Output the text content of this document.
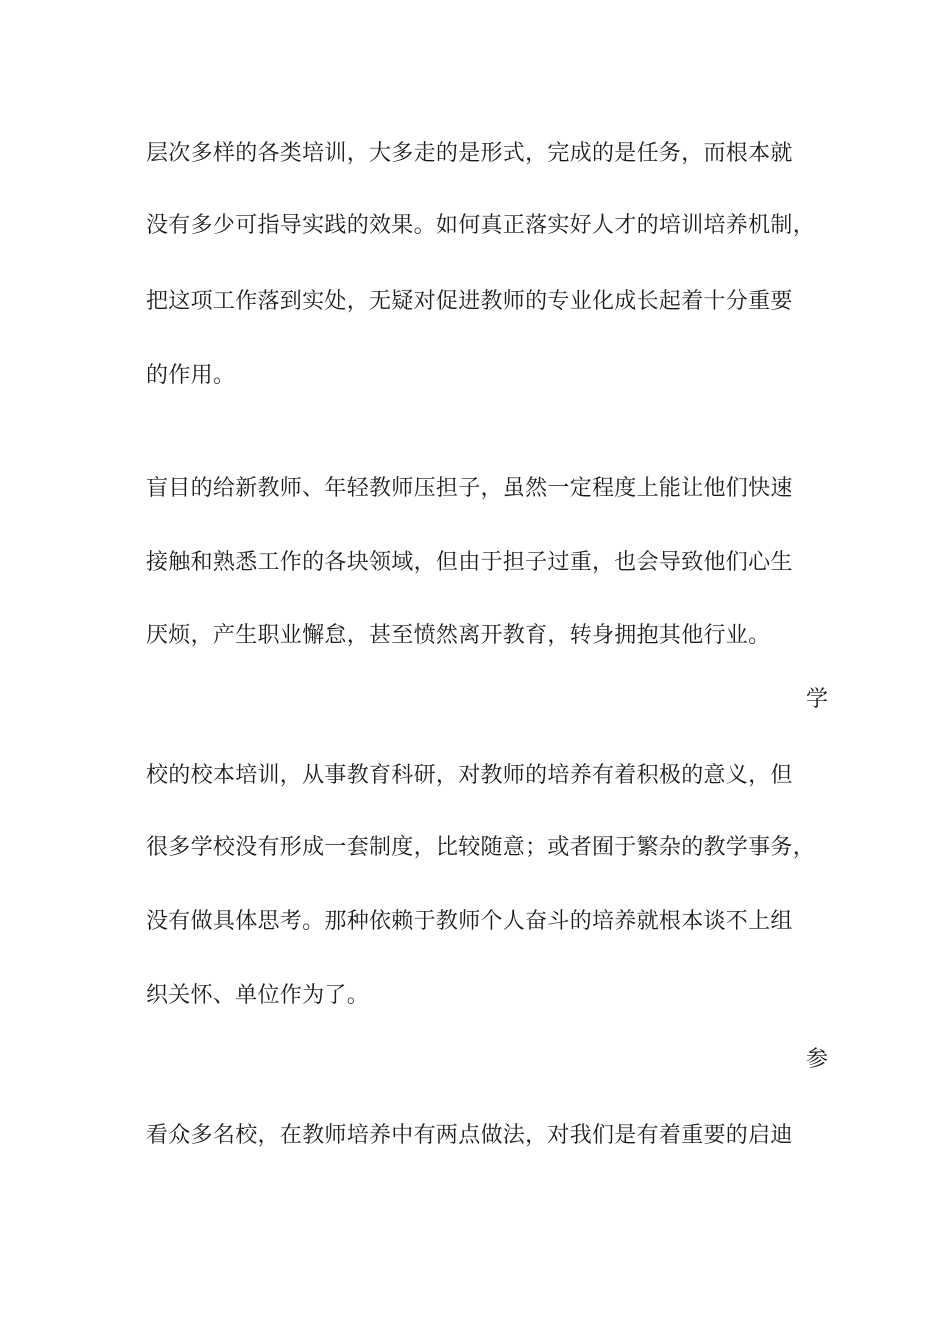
层次多样的各类培训，大多走的是形式，完成的是任务，而根本就
没有多少可指导实践的效果。如何真正落实好人才的培训培养机制，
把这项工作落到实处，无疑对促进教师的专业化成长起着十分重要
的作用。
盲目的给新教师、年轻教师压担子，虽然一定程度上能让他们快速
接触和熟悉工作的各块领域，但由于担子过重，也会导致他们心生
厌烦，产生职业懈怠，甚至愤然离开教育，转身拥抱其他行业。
学
校的校本培训，从事教育科研，对教师的培养有着积极的意义，但
很多学校没有形成一套制度，比较随意；或者囿于繁杂的教学事务，
没有做具体思考。那种依赖于教师个人奋斗的培养就根本谈不上组
织关怀、单位作为了。
参
看众多名校，在教师培养中有两点做法，对我们是有着重要的启迪
